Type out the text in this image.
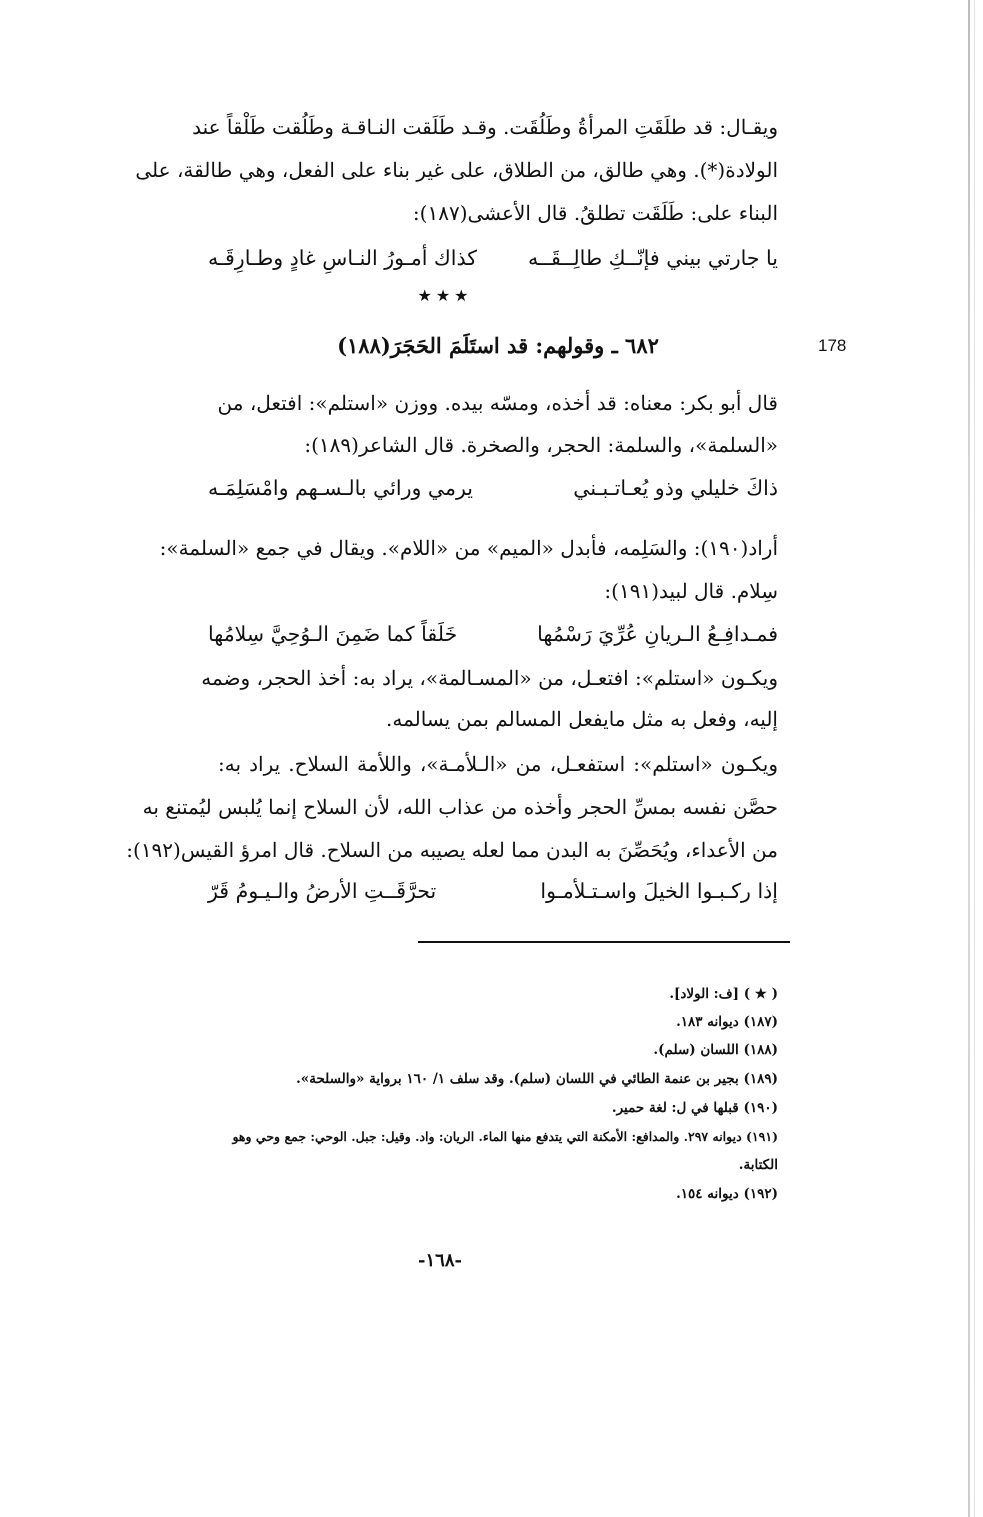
ويقـال: قد طلَقَتِ المرأةُ وطَلُقَت. وقـد طَلَقت النـاقـة وطَلُقت طَلْقاً عند
الولادة(*). وهي طالق، من الطلاق، على غير بناء على الفعل، وهي طالقة، على
البناء على: طَلَقَت تطلقُ. قال الأعشى(١٨٧):
يا جارتي بيني فإنّــكِ طالِــقَــه
كذاك أمـورُ النـاسِ غادٍ وطـارِقَـه
★★★
٦٨٢ ـ وقولهم: قد استَلَمَ الحَجَرَ(١٨٨)	178
قال أبو بكر: معناه: قد أخذه، ومسّه بيده. ووزن «استلم»: افتعل، من
«السلمة»، والسلمة: الحجر، والصخرة. قال الشاعر(١٨٩):
ذاكَ خليلي وذو يُعـاتـبـني
يرمي ورائي بالـسـهم وامْسَلِمَـه
أراد(١٩٠): والسَلِمه، فأبدل «الميم» من «اللام». ويقال في جمع «السلمة»:
سِلام. قال لبيد(١٩١):
فمـدافِـعُ الـريانِ عُرِّيَ رَسْمُها
خَلَقاً كما ضَمِنَ الـوُحِيَّ سِلامُها
ويكـون «استلم»: افتعـل، من «المسـالمة»، يراد به: أخذ الحجر، وضمه
إليه، وفعل به مثل مايفعل المسالم بمن يسالمه.
ويكـون «استلم»: استفعـل، من «الـلأمـة»، واللأمة السلاح. يراد به:
حصَّن نفسه بمسِّ الحجر وأخذه من عذاب الله، لأن السلاح إنما يُلبس ليُمتنع به
من الأعداء، ويُحَصِّنَ به البدن مما لعله يصيبه من السلاح. قال امرؤ القيس(١٩٢):
إذا ركـبـوا الخيلَ واسـتـلأمـوا
تحرَّقَــتِ الأرضُ والـيـومُ قَرّ
( ★ ) [ف: الولاد].
(١٨٧) ديوانه ١٨٣.
(١٨٨) اللسان (سلم).
(١٨٩) بجير بن عنمة الطائي في اللسان (سلم). وقد سلف ١/ ١٦٠ برواية «والسلحة».
(١٩٠) قبلها في ل: لغة حمير.
(١٩١) ديوانه ٢٩٧. والمدافع: الأمكنة التي يتدفع منها الماء. الريان: واد. وقيل: جبل. الوحي: جمع وحي وهو
الكتابة.
(١٩٢) ديوانه ١٥٤.
-١٦٨-
